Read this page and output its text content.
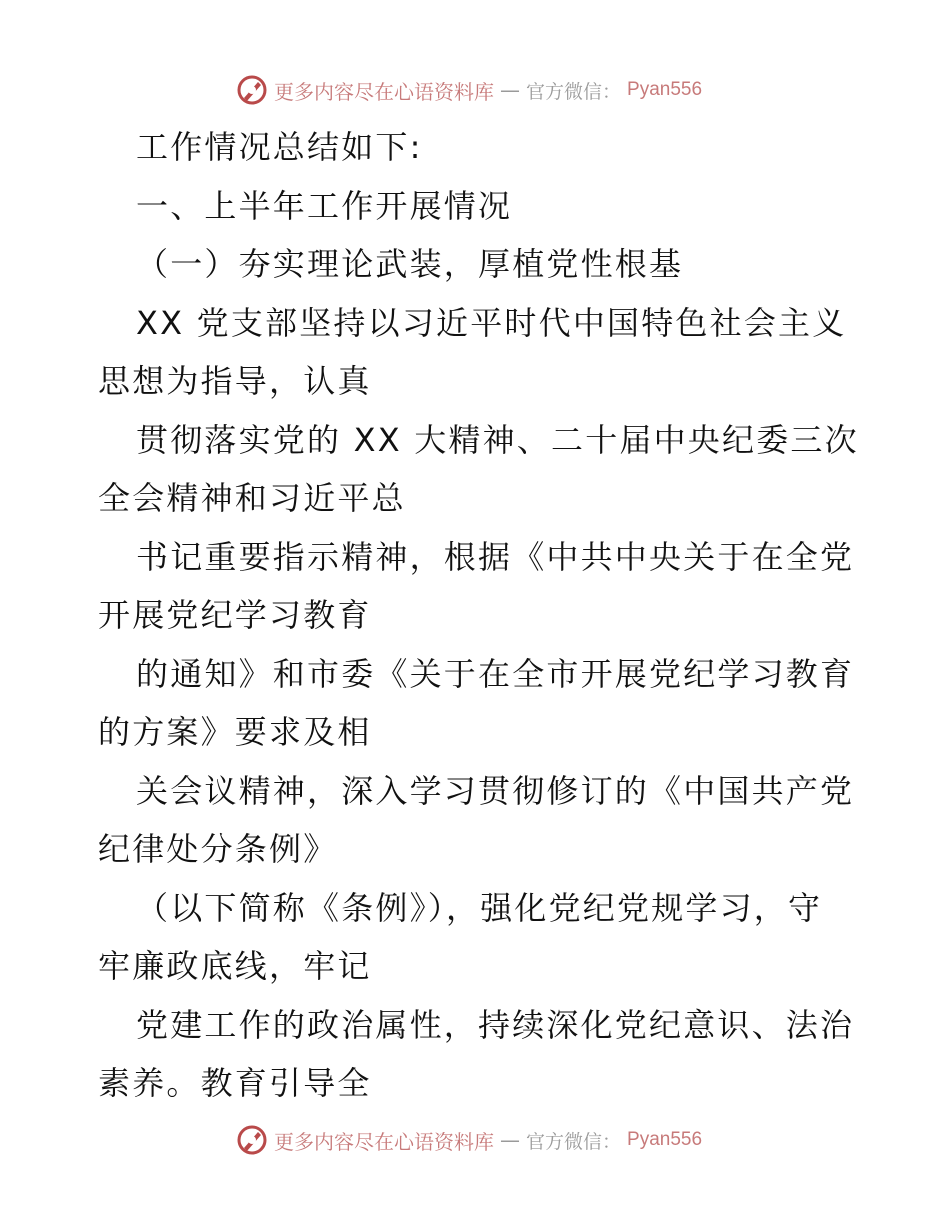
更多内容尽在心语资料库 — 官方微信： Pyan556
工作情况总结如下:
一、上半年工作开展情况
（一）夯实理论武装，厚植党性根基
XX 党支部坚持以习近平时代中国特色社会主义
思想为指导，认真
贯彻落实党的 XX 大精神、二十届中央纪委三次
全会精神和习近平总
书记重要指示精神，根据《中共中央关于在全党
开展党纪学习教育
的通知》和市委《关于在全市开展党纪学习教育
的方案》要求及相
关会议精神，深入学习贯彻修订的《中国共产党
纪律处分条例》
（以下简称《条例》），强化党纪党规学习，守
牢廉政底线，牢记
党建工作的政治属性，持续深化党纪意识、法治
素养。教育引导全
更多内容尽在心语资料库 — 官方微信： Pyan556
